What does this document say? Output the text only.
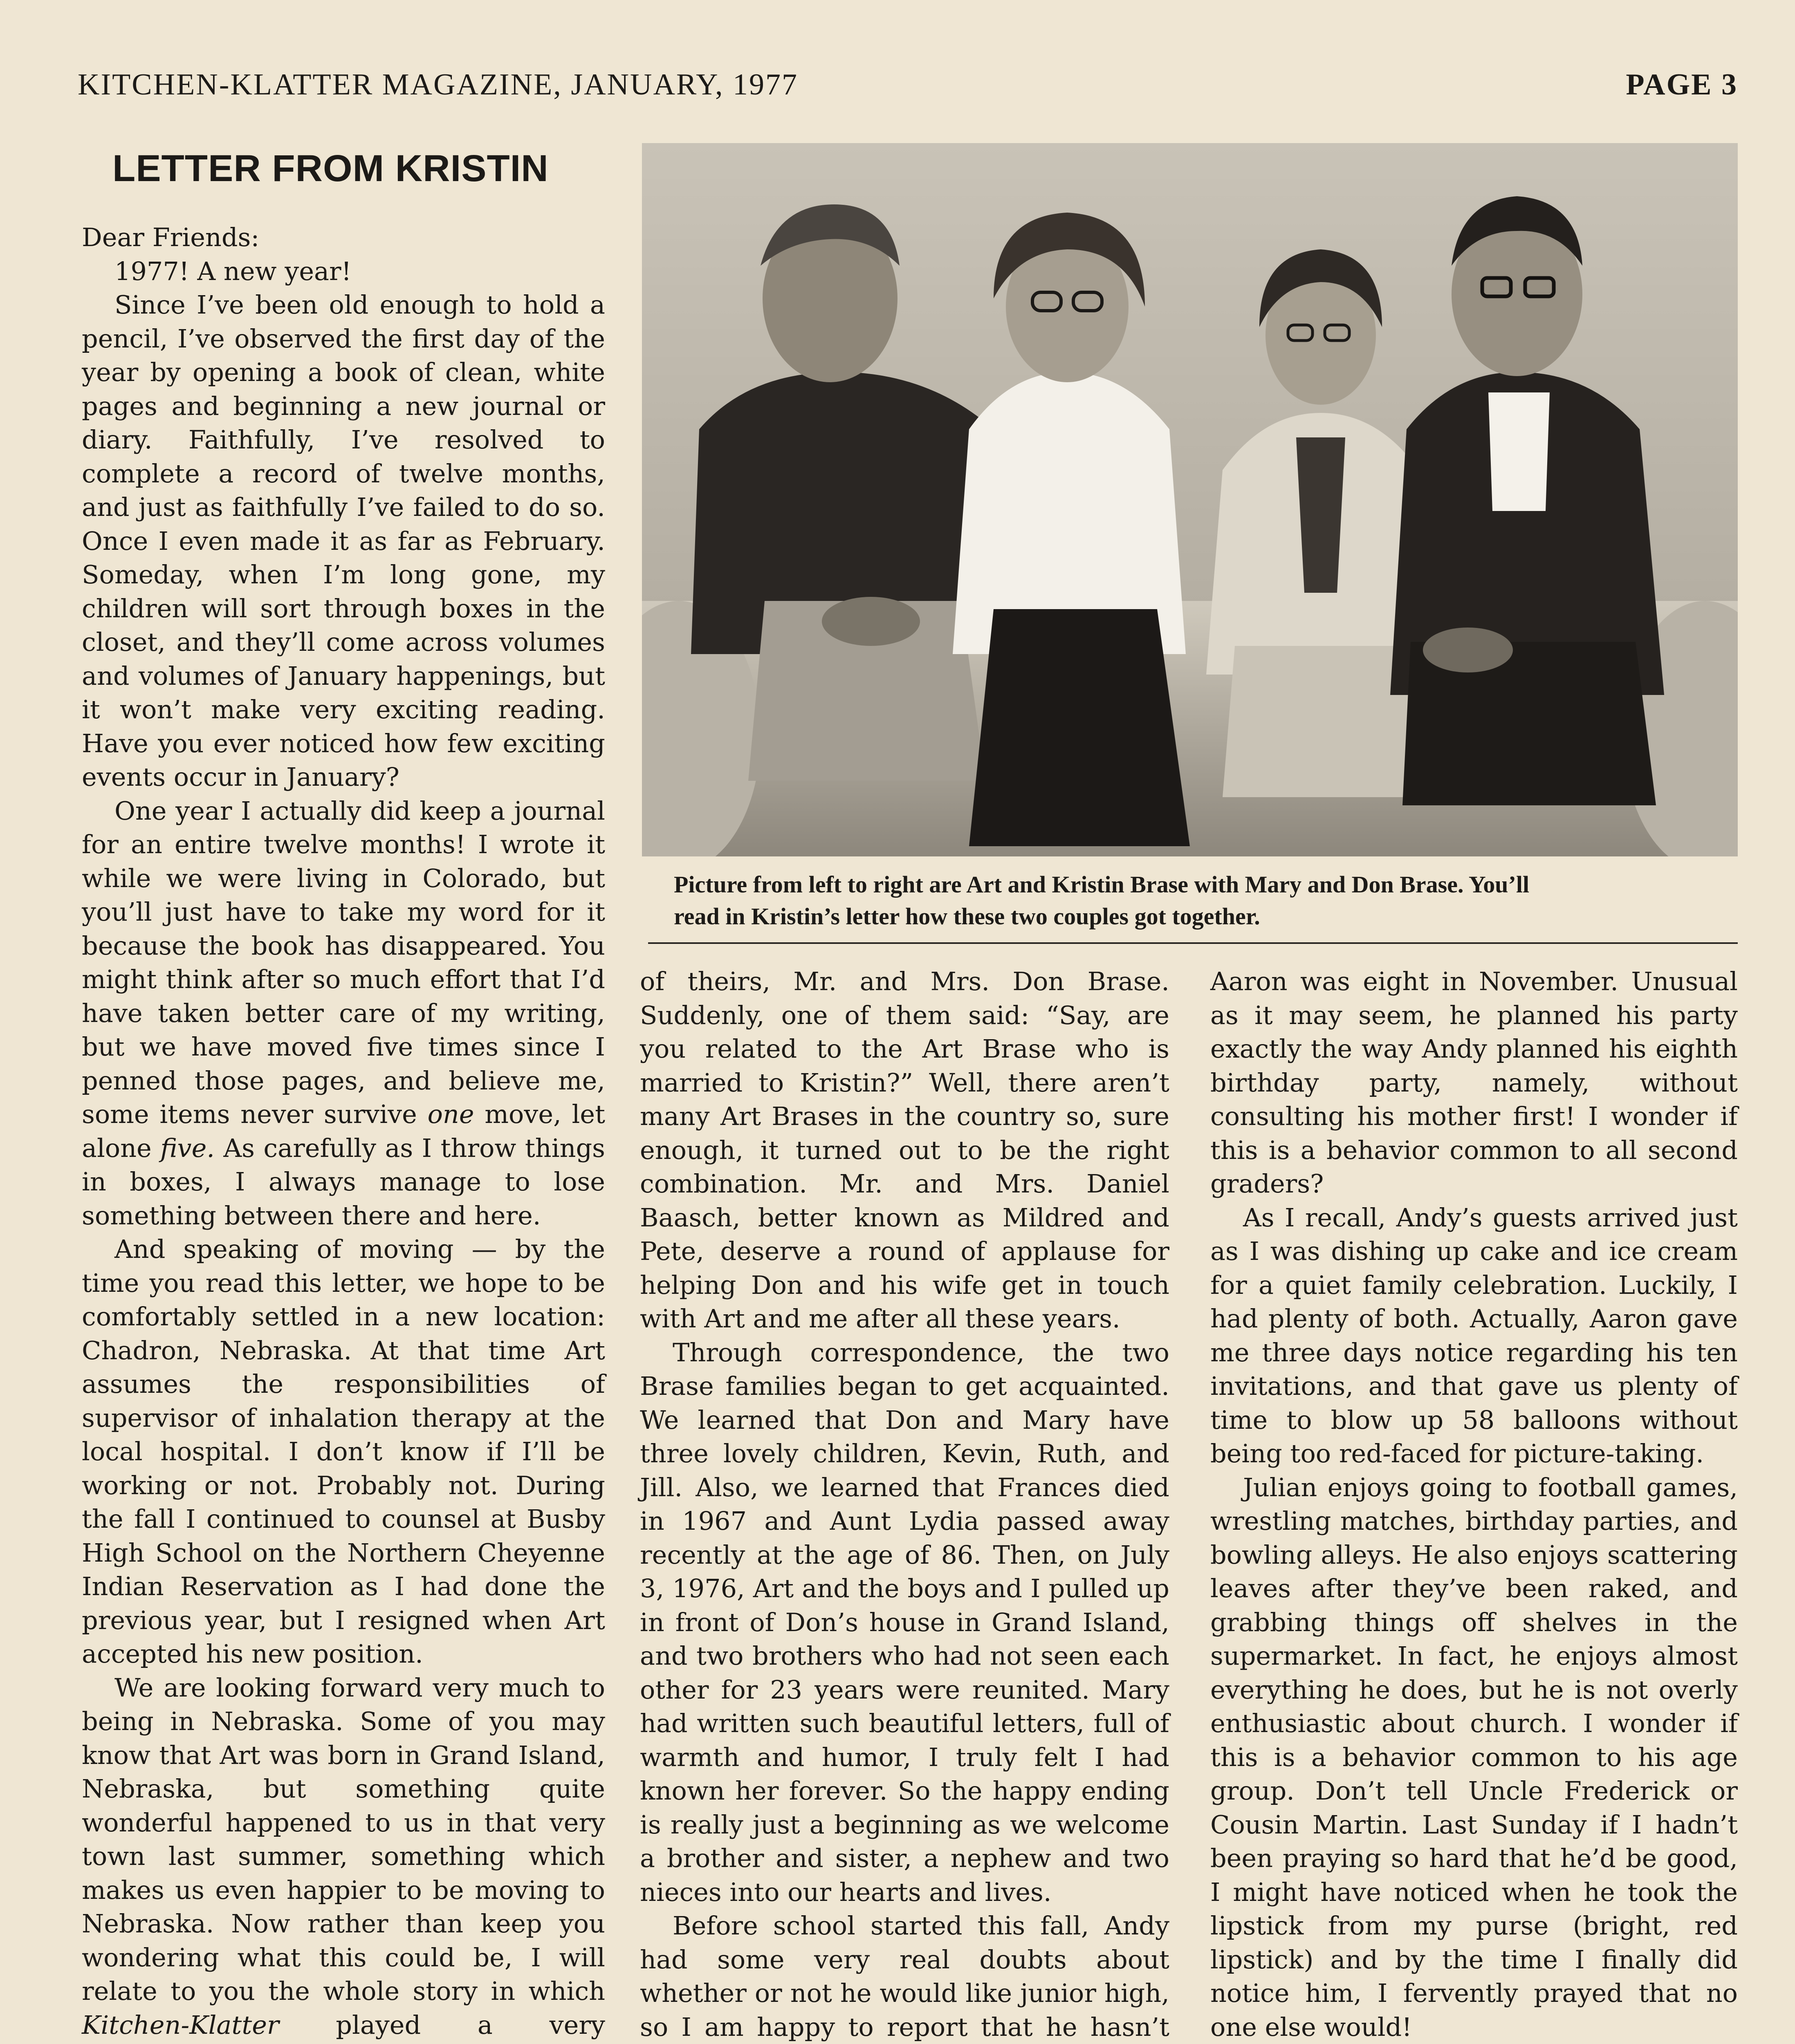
KITCHEN-KLATTER MAGAZINE, JANUARY, 1977	PAGE 3
LETTER FROM KRISTIN

Dear Friends:

1977! A new year!

Since I’ve been old enough to hold a pencil, I’ve observed the first day of the year by opening a book of clean, white pages and beginning a new journal or diary. Faithfully, I’ve resolved to complete a record of twelve months, and just as faithfully I’ve failed to do so. Once I even made it as far as February. Someday, when I’m long gone, my children will sort through boxes in the closet, and they’ll come across volumes and volumes of January happenings, but it won’t make very exciting reading. Have you ever noticed how few exciting events occur in January?

One year I actually did keep a journal for an entire twelve months! I wrote it while we were living in Colorado, but you’ll just have to take my word for it because the book has disappeared. You might think after so much effort that I’d have taken better care of my writing, but we have moved five times since I penned those pages, and believe me, some items never survive one move, let alone five. As carefully as I throw things in boxes, I always manage to lose something between there and here.

And speaking of moving — by the time you read this letter, we hope to be comfortably settled in a new location: Chadron, Nebraska. At that time Art assumes the responsibilities of supervisor of inhalation therapy at the local hospital. I don’t know if I’ll be working or not. Probably not. During the fall I continued to counsel at Busby High School on the Northern Cheyenne Indian Reservation as I had done the previous year, but I resigned when Art accepted his new position.

We are looking forward very much to being in Nebraska. Some of you may know that Art was born in Grand Island, Nebraska, but something quite wonderful happened to us in that very town last summer, something which makes us even happier to be moving to Nebraska. Now rather than keep you wondering what this could be, I will relate to you the whole story in which Kitchen-Klatter played a very

Picture from left to right are Art and Kristin Brase with Mary and Don Brase. You’ll
read in Kristin’s letter how these two couples got together.

of theirs, Mr. and Mrs. Don Brase. Suddenly, one of them said: “Say, are you related to the Art Brase who is married to Kristin?” Well, there aren’t many Art Brases in the country so, sure enough, it turned out to be the right combination. Mr. and Mrs. Daniel Baasch, better known as Mildred and Pete, deserve a round of applause for helping Don and his wife get in touch with Art and me after all these years.

Through correspondence, the two Brase families began to get acquainted. We learned that Don and Mary have three lovely children, Kevin, Ruth, and Jill. Also, we learned that Frances died in 1967 and Aunt Lydia passed away recently at the age of 86. Then, on July 3, 1976, Art and the boys and I pulled up in front of Don’s house in Grand Island, and two brothers who had not seen each other for 23 years were reunited. Mary had written such beautiful letters, full of warmth and humor, I truly felt I had known her forever. So the happy ending is really just a beginning as we welcome a brother and sister, a nephew and two nieces into our hearts and lives.

Before school started this fall, Andy had some very real doubts about whether or not he would like junior high, so I am happy to report that he hasn’t

Aaron was eight in November. Unusual as it may seem, he planned his party exactly the way Andy planned his eighth birthday party, namely, without consulting his mother first! I wonder if this is a behavior common to all second graders?

As I recall, Andy’s guests arrived just as I was dishing up cake and ice cream for a quiet family celebration. Luckily, I had plenty of both. Actually, Aaron gave me three days notice regarding his ten invitations, and that gave us plenty of time to blow up 58 balloons without being too red-faced for picture-taking.

Julian enjoys going to football games, wrestling matches, birthday parties, and bowling alleys. He also enjoys scattering leaves after they’ve been raked, and grabbing things off shelves in the supermarket. In fact, he enjoys almost everything he does, but he is not overly enthusiastic about church. I wonder if this is a behavior common to his age group. Don’t tell Uncle Frederick or Cousin Martin. Last Sunday if I hadn’t been praying so hard that he’d be good, I might have noticed when he took the lipstick from my purse (bright, red lipstick) and by the time I finally did notice him, I fervently prayed that no one else would!
